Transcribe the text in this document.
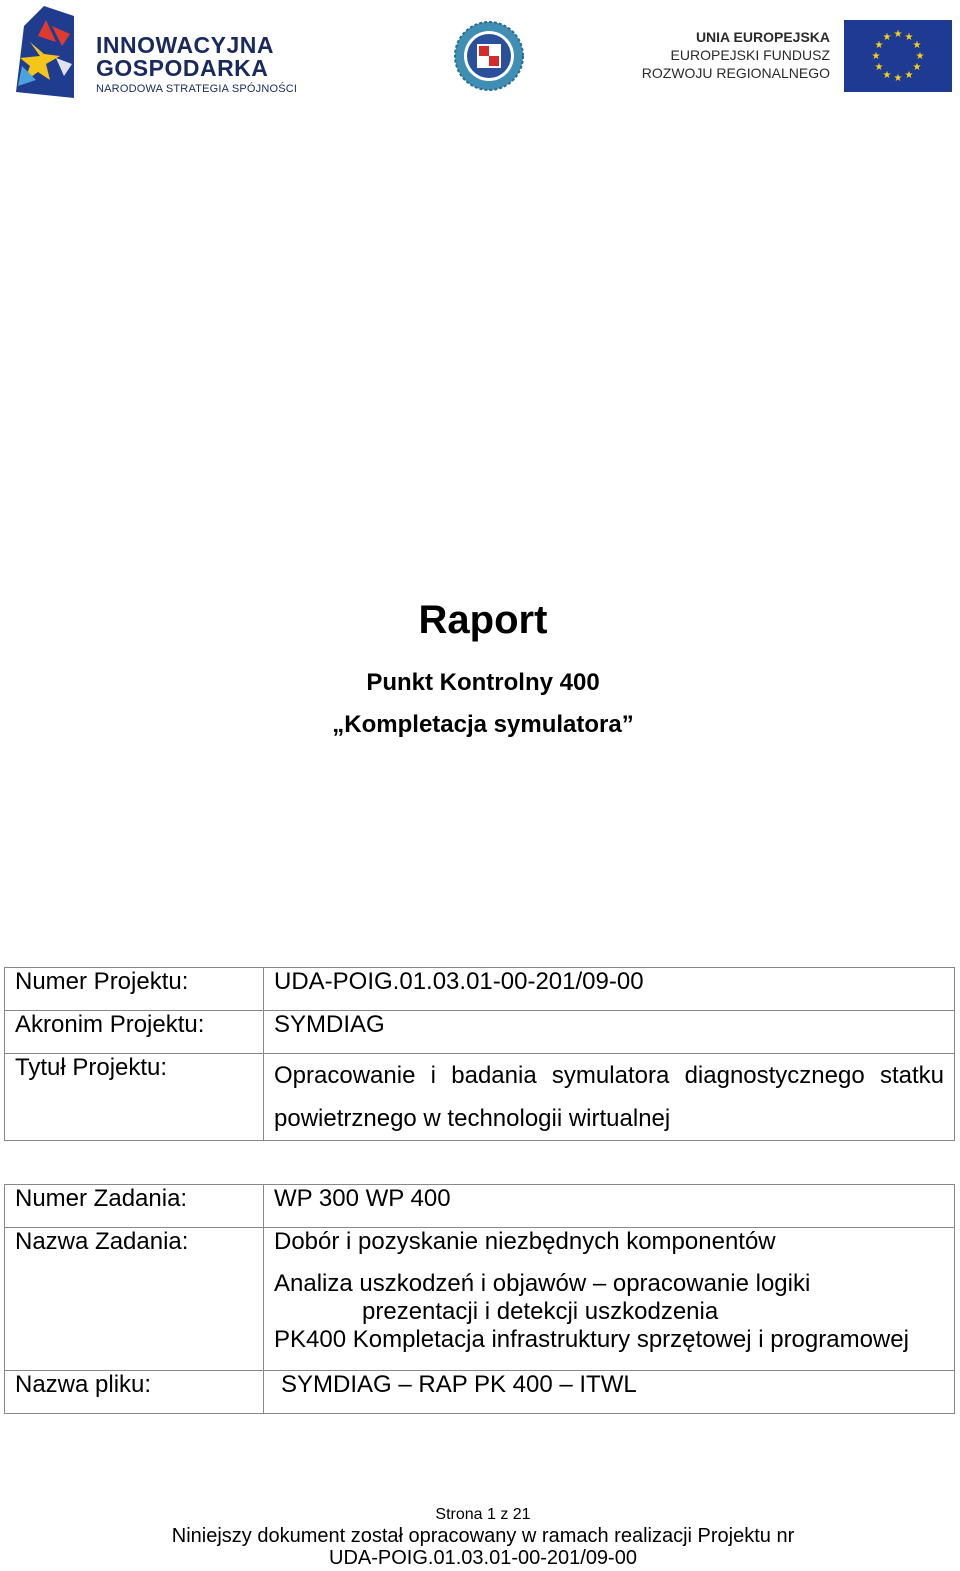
INNOWACYJNA
GOSPODARKA
NARODOWA STRATEGIA SPÓJNOŚCI
UNIA EUROPEJSKA
EUROPEJSKI FUNDUSZ
ROZWOJU REGIONALNEGO
★ ★
★
★
★
★
★
★
★
★
★
★
Raport
Punkt Kontrolny 400
„Kompletacja symulatora”
Numer Projektu:	UDA-POIG.01.03.01-00-201/09-00
Akronim Projektu:	SYMDIAG
Tytuł Projektu:	Opracowanie i badania symulatora diagnostycznego statku powietrznego w technologii wirtualnej
Numer Zadania:	WP 300 WP 400
Nazwa Zadania:	Dobór i pozyskanie niezbędnych komponentów
Analiza uszkodzeń i objawów – opracowanie logiki
prezentacji i detekcji uszkodzenia
PK400 Kompletacja infrastruktury sprzętowej i programowej

Nazwa pliku:	SYMDIAG – RAP PK 400 – ITWL
Strona 1 z 21
Niniejszy dokument został opracowany w ramach realizacji Projektu nr
UDA-POIG.01.03.01-00-201/09-00
